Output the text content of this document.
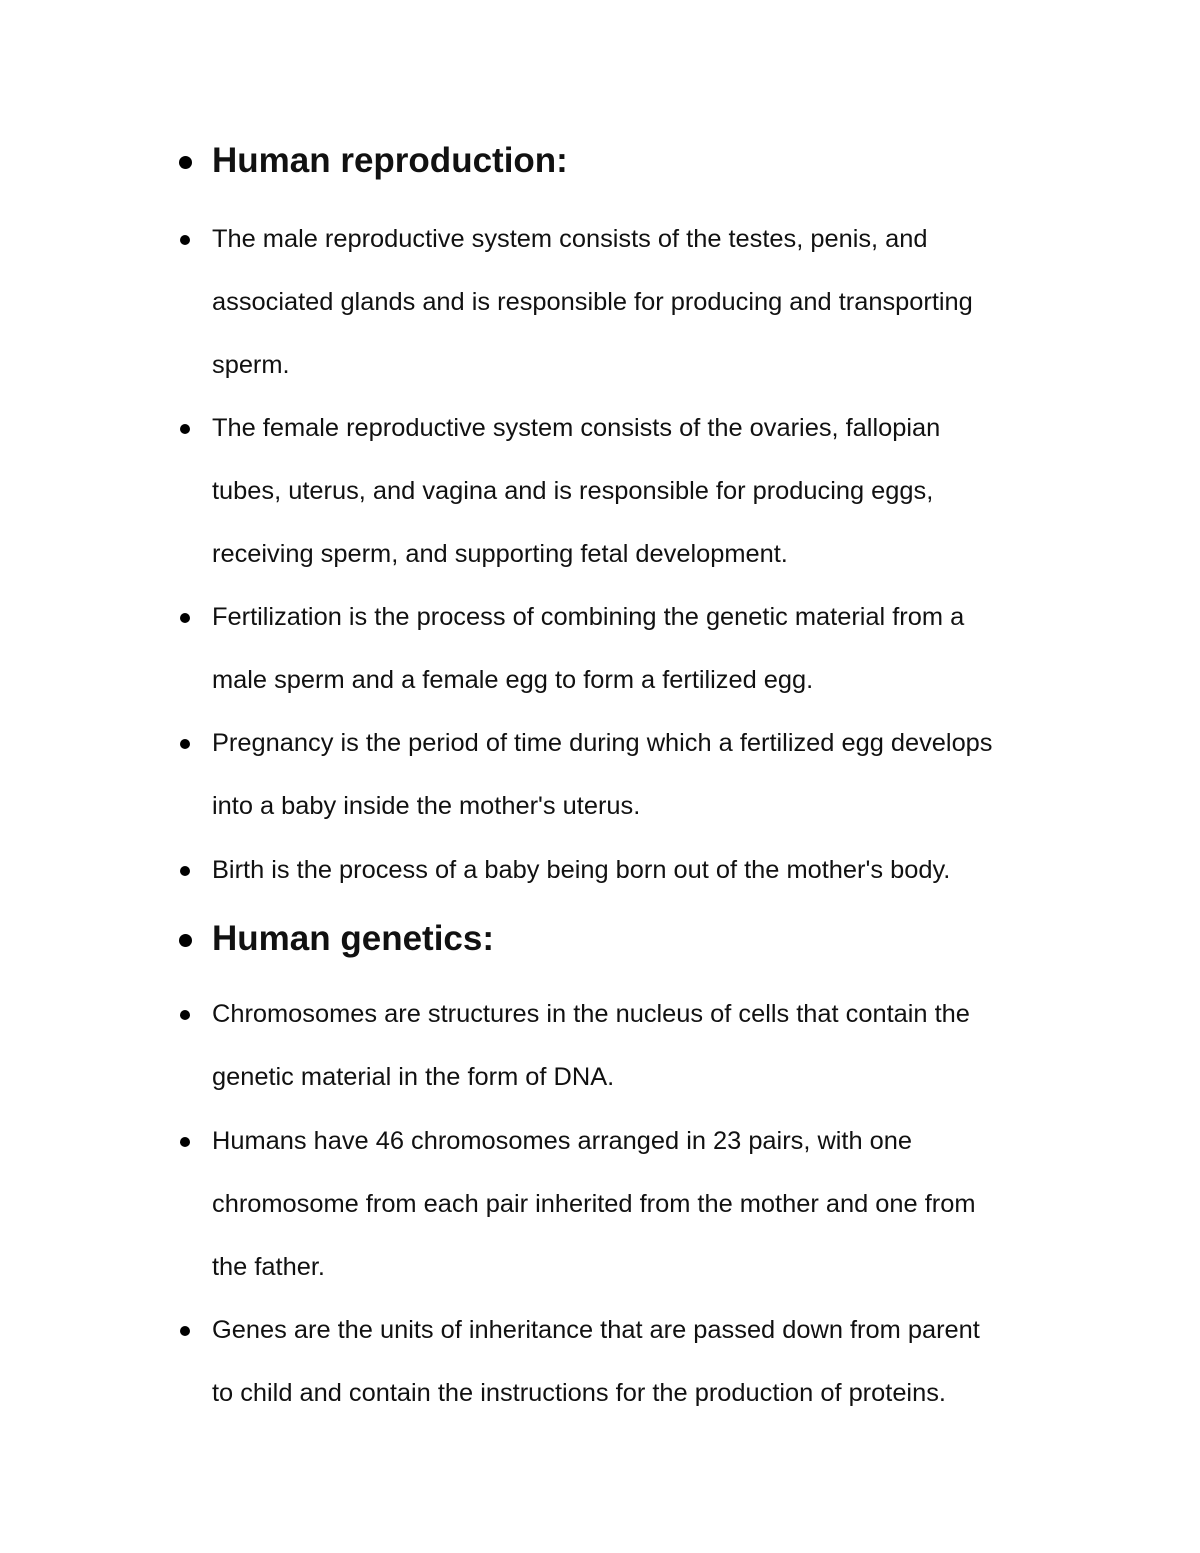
Human reproduction:
The male reproductive system consists of the testes, penis, and
associated glands and is responsible for producing and transporting
sperm.
The female reproductive system consists of the ovaries, fallopian
tubes, uterus, and vagina and is responsible for producing eggs,
receiving sperm, and supporting fetal development.
Fertilization is the process of combining the genetic material from a
male sperm and a female egg to form a fertilized egg.
Pregnancy is the period of time during which a fertilized egg develops
into a baby inside the mother's uterus.
Birth is the process of a baby being born out of the mother's body.
Human genetics:
Chromosomes are structures in the nucleus of cells that contain the
genetic material in the form of DNA.
Humans have 46 chromosomes arranged in 23 pairs, with one
chromosome from each pair inherited from the mother and one from
the father.
Genes are the units of inheritance that are passed down from parent
to child and contain the instructions for the production of proteins.
